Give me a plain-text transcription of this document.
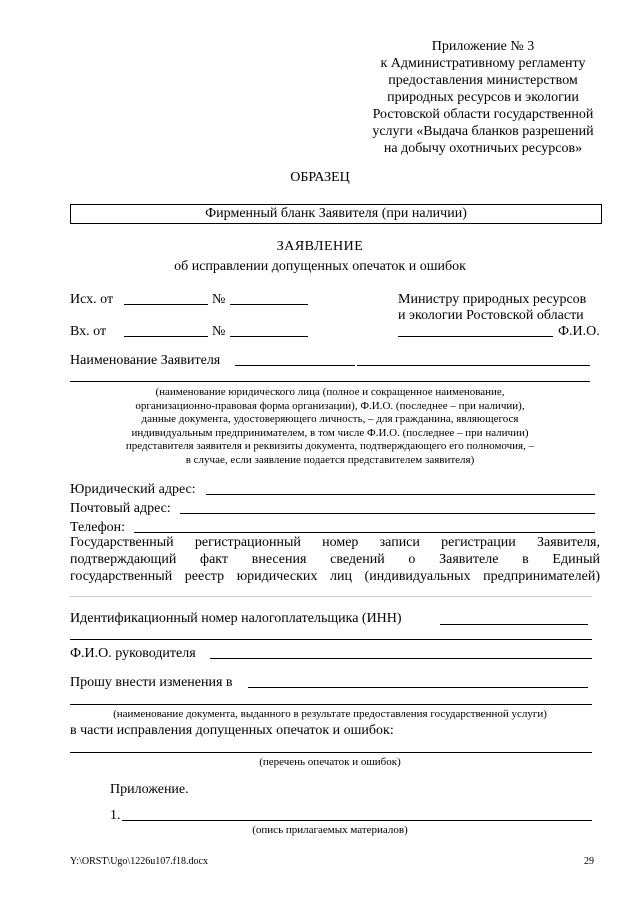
Приложение № 3
к Административному регламенту
предоставления министерством
природных ресурсов и экологии
Ростовской области государственной
услуги «Выдача бланков разрешений
на добычу охотничьих ресурсов»
ОБРАЗЕЦ
Фирменный бланк Заявителя (при наличии)
ЗАЯВЛЕНИЕ
об исправлении допущенных опечаток и ошибок
Исх. от	№
Вх. от	№
Министру природных ресурсов
и экологии Ростовской области
Ф.И.О.
Наименование Заявителя
(наименование юридического лица (полное и сокращенное наименование,
организационно-правовая форма организации), Ф.И.О. (последнее – при наличии),
данные документа, удостоверяющего личность, – для гражданина, являющегося
индивидуальным предпринимателем, в том числе Ф.И.О. (последнее – при наличии)
представителя заявителя и реквизиты документа, подтверждающего его полномочия, –
в случае, если заявление подается представителем заявителя)
Юридический адрес:
Почтовый адрес:
Телефон:
Государственный регистрационный номер записи регистрации Заявителя,
подтверждающий факт внесения сведений о Заявителе в Единый
государственный реестр юридических лиц (индивидуальных предпринимателей)
Идентификационный номер налогоплательщика (ИНН)
Ф.И.О. руководителя
Прошу внести изменения в
(наименование документа, выданного в результате предоставления государственной услуги)
в части исправления допущенных опечаток и ошибок:
(перечень опечаток и ошибок)
Приложение.
1.
(опись прилагаемых материалов)
Y:\ORST\Ugo\1226u107.f18.docx	29
